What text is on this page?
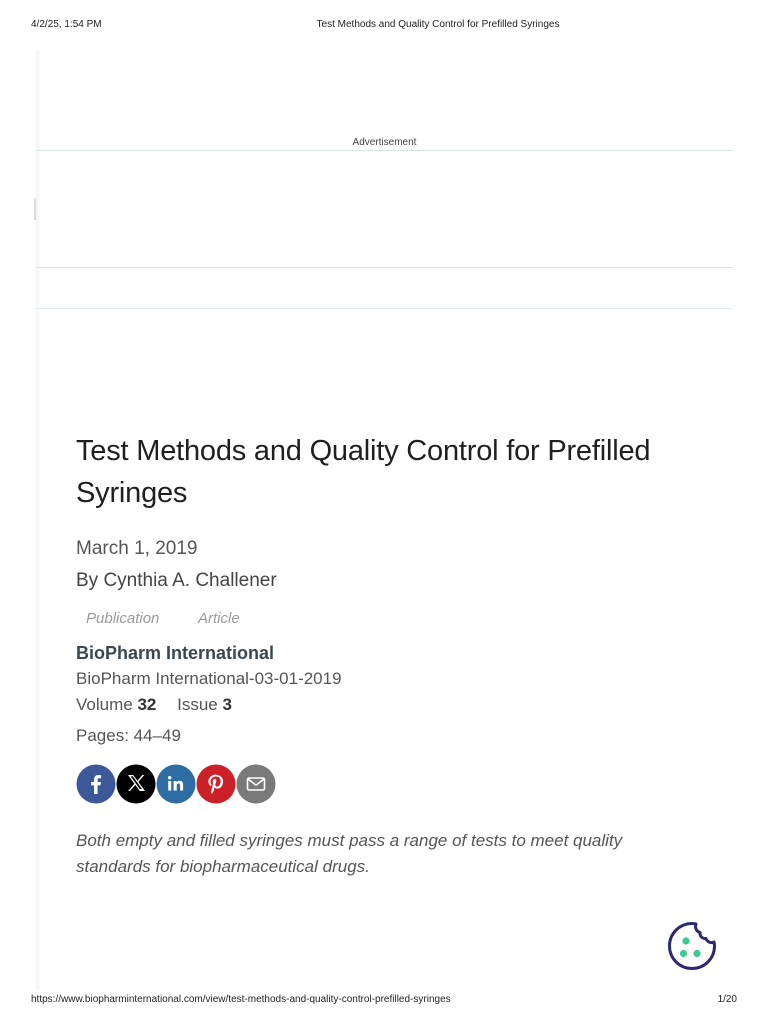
4/2/25, 1:54 PM	Test Methods and Quality Control for Prefilled Syringes
Advertisement
Test Methods and Quality Control for Prefilled Syringes
March 1, 2019
By Cynthia A. Challener
Publication	Article
BioPharm International
BioPharm International-03-01-2019
Volume 32 Issue 3
Pages: 44–49
Both empty and filled syringes must pass a range of tests to meet quality standards for biopharmaceutical drugs.
https://www.biopharminternational.com/view/test-methods-and-quality-control-prefilled-syringes	1/20
